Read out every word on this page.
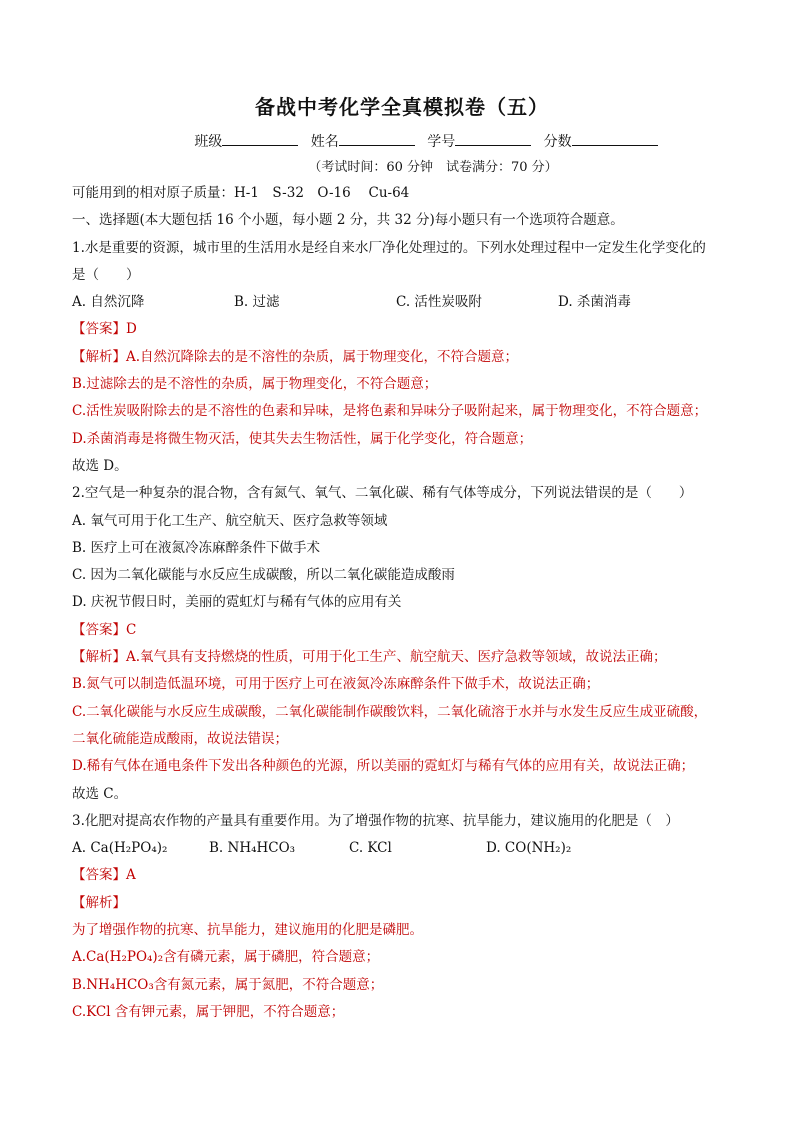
备战中考化学全真模拟卷（五）
班级	姓名	学号	分数
（考试时间：60 分钟　试卷满分：70 分）
可能用到的相对原子质量：H-1　S-32　O-16　 Cu-64
一、选择题(本大题包括 16 个小题，每小题 2 分，共 32 分)每小题只有一个选项符合题意。
1.水是重要的资源，城市里的生活用水是经自来水厂净化处理过的。下列水处理过程中一定发生化学变化的
是（　　）
A. 自然沉降	B. 过滤	C. 活性炭吸附	D. 杀菌消毒
【答案】D
【解析】A.自然沉降除去的是不溶性的杂质，属于物理变化，不符合题意；
B.过滤除去的是不溶性的杂质，属于物理变化，不符合题意；
C.活性炭吸附除去的是不溶性的色素和异味，是将色素和异味分子吸附起来，属于物理变化，不符合题意；
D.杀菌消毒是将微生物灭活，使其失去生物活性，属于化学变化，符合题意；
故选 D。
2.空气是一种复杂的混合物，含有氮气、氧气、二氧化碳、稀有气体等成分，下列说法错误的是（　　）
A. 氧气可用于化工生产、航空航天、医疗急救等领域
B. 医疗上可在液氮冷冻麻醉条件下做手术
C. 因为二氧化碳能与水反应生成碳酸，所以二氧化碳能造成酸雨
D. 庆祝节假日时，美丽的霓虹灯与稀有气体的应用有关
【答案】C
【解析】A.氧气具有支持燃烧的性质，可用于化工生产、航空航天、医疗急救等领域，故说法正确；
B.氮气可以制造低温环境，可用于医疗上可在液氮冷冻麻醉条件下做手术，故说法正确；
C.二氧化碳能与水反应生成碳酸，二氧化碳能制作碳酸饮料，二氧化硫溶于水并与水发生反应生成亚硫酸，
二氧化硫能造成酸雨，故说法错误；
D.稀有气体在通电条件下发出各种颜色的光源，所以美丽的霓虹灯与稀有气体的应用有关，故说法正确；
故选 C。
3.化肥对提高农作物的产量具有重要作用。为了增强作物的抗寒、抗旱能力，建议施用的化肥是（　）
A. Ca(H₂PO₄)₂	B. NH₄HCO₃	C. KCl	D. CO(NH₂)₂
【答案】A
【解析】
为了增强作物的抗寒、抗旱能力，建议施用的化肥是磷肥。
A.Ca(H₂PO₄)₂含有磷元素，属于磷肥，符合题意；
B.NH₄HCO₃含有氮元素，属于氮肥，不符合题意；
C.KCl 含有钾元素，属于钾肥，不符合题意；
